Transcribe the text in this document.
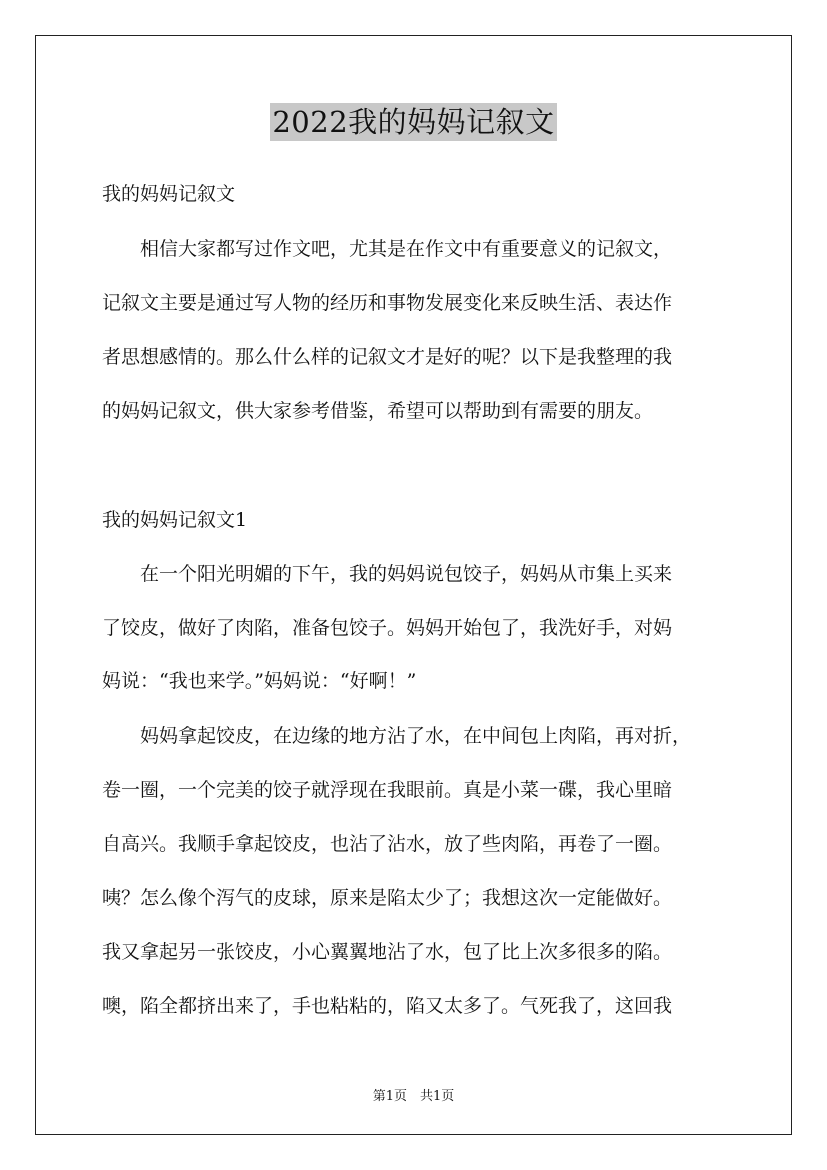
2022我的妈妈记叙文
我的妈妈记叙文
　　相信大家都写过作文吧，尤其是在作文中有重要意义的记叙文，
记叙文主要是通过写人物的经历和事物发展变化来反映生活、表达作
者思想感情的。那么什么样的记叙文才是好的呢？以下是我整理的我
的妈妈记叙文，供大家参考借鉴，希望可以帮助到有需要的朋友。
我的妈妈记叙文1
　　在一个阳光明媚的下午，我的妈妈说包饺子，妈妈从市集上买来
了饺皮，做好了肉陷，准备包饺子。妈妈开始包了，我洗好手，对妈
妈说：“我也来学。”妈妈说：“好啊！”
　　妈妈拿起饺皮，在边缘的地方沾了水，在中间包上肉陷，再对折，
卷一圈，一个完美的饺子就浮现在我眼前。真是小菜一碟，我心里暗
自高兴。我顺手拿起饺皮，也沾了沾水，放了些肉陷，再卷了一圈。
咦？怎么像个泻气的皮球，原来是陷太少了；我想这次一定能做好。
我又拿起另一张饺皮，小心翼翼地沾了水，包了比上次多很多的陷。
噢，陷全都挤出来了，手也粘粘的，陷又太多了。气死我了，这回我
第1页　共1页
